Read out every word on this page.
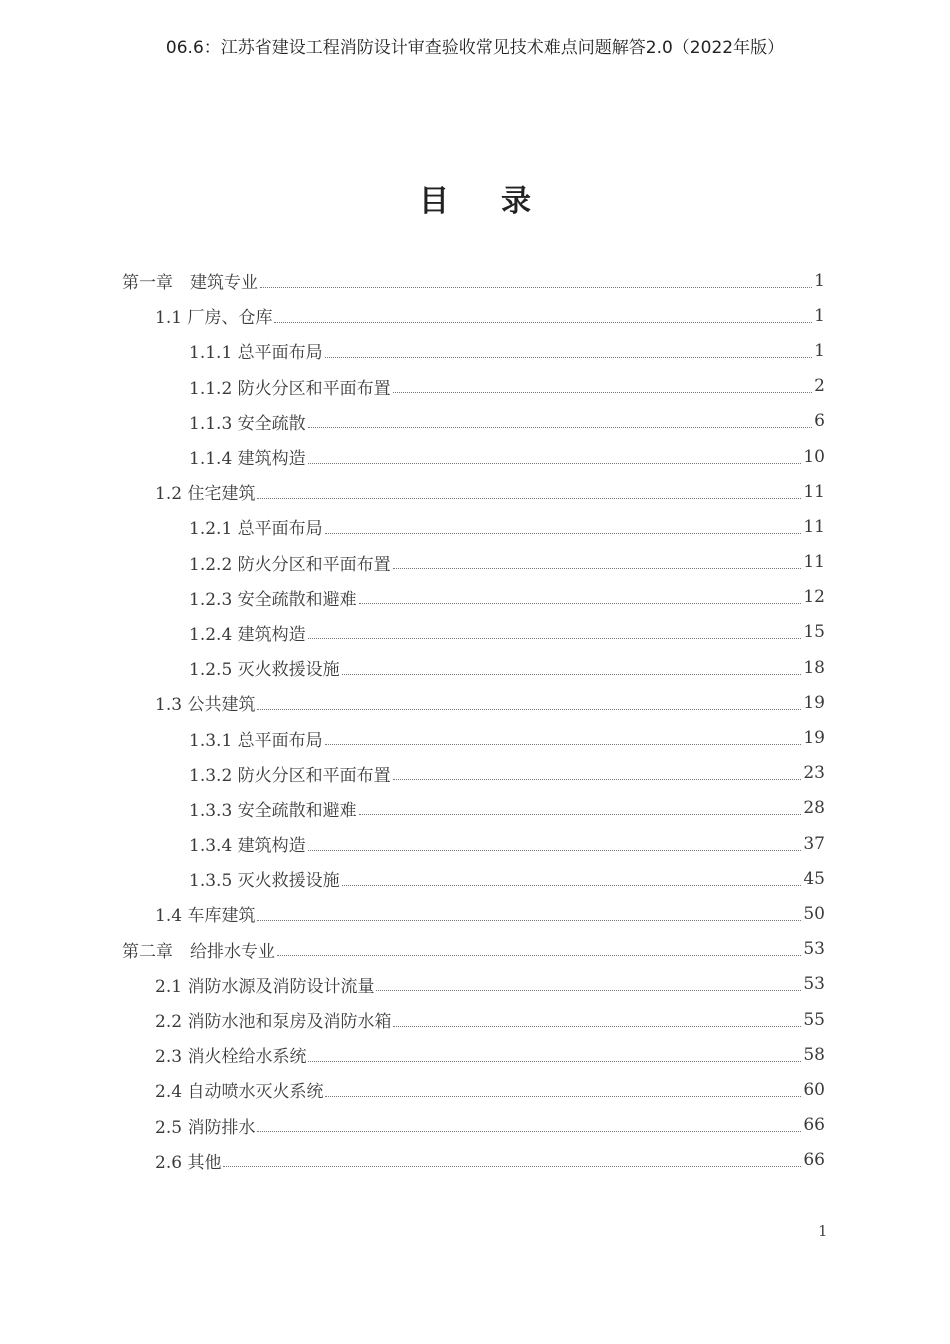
06.6：江苏省建设工程消防设计审查验收常见技术难点问题解答2.0（2022年版）
目录
第一章　建筑专业	1
1.1 厂房、仓库	1
1.1.1 总平面布局	1
1.1.2 防火分区和平面布置	2
1.1.3 安全疏散	6
1.1.4 建筑构造	10
1.2 住宅建筑	11
1.2.1 总平面布局	11
1.2.2 防火分区和平面布置	11
1.2.3 安全疏散和避难	12
1.2.4 建筑构造	15
1.2.5 灭火救援设施	18
1.3 公共建筑	19
1.3.1 总平面布局	19
1.3.2 防火分区和平面布置	23
1.3.3 安全疏散和避难	28
1.3.4 建筑构造	37
1.3.5 灭火救援设施	45
1.4 车库建筑	50
第二章　给排水专业	53
2.1 消防水源及消防设计流量	53
2.2 消防水池和泵房及消防水箱	55
2.3 消火栓给水系统	58
2.4 自动喷水灭火系统	60
2.5 消防排水	66
2.6 其他	66
1
